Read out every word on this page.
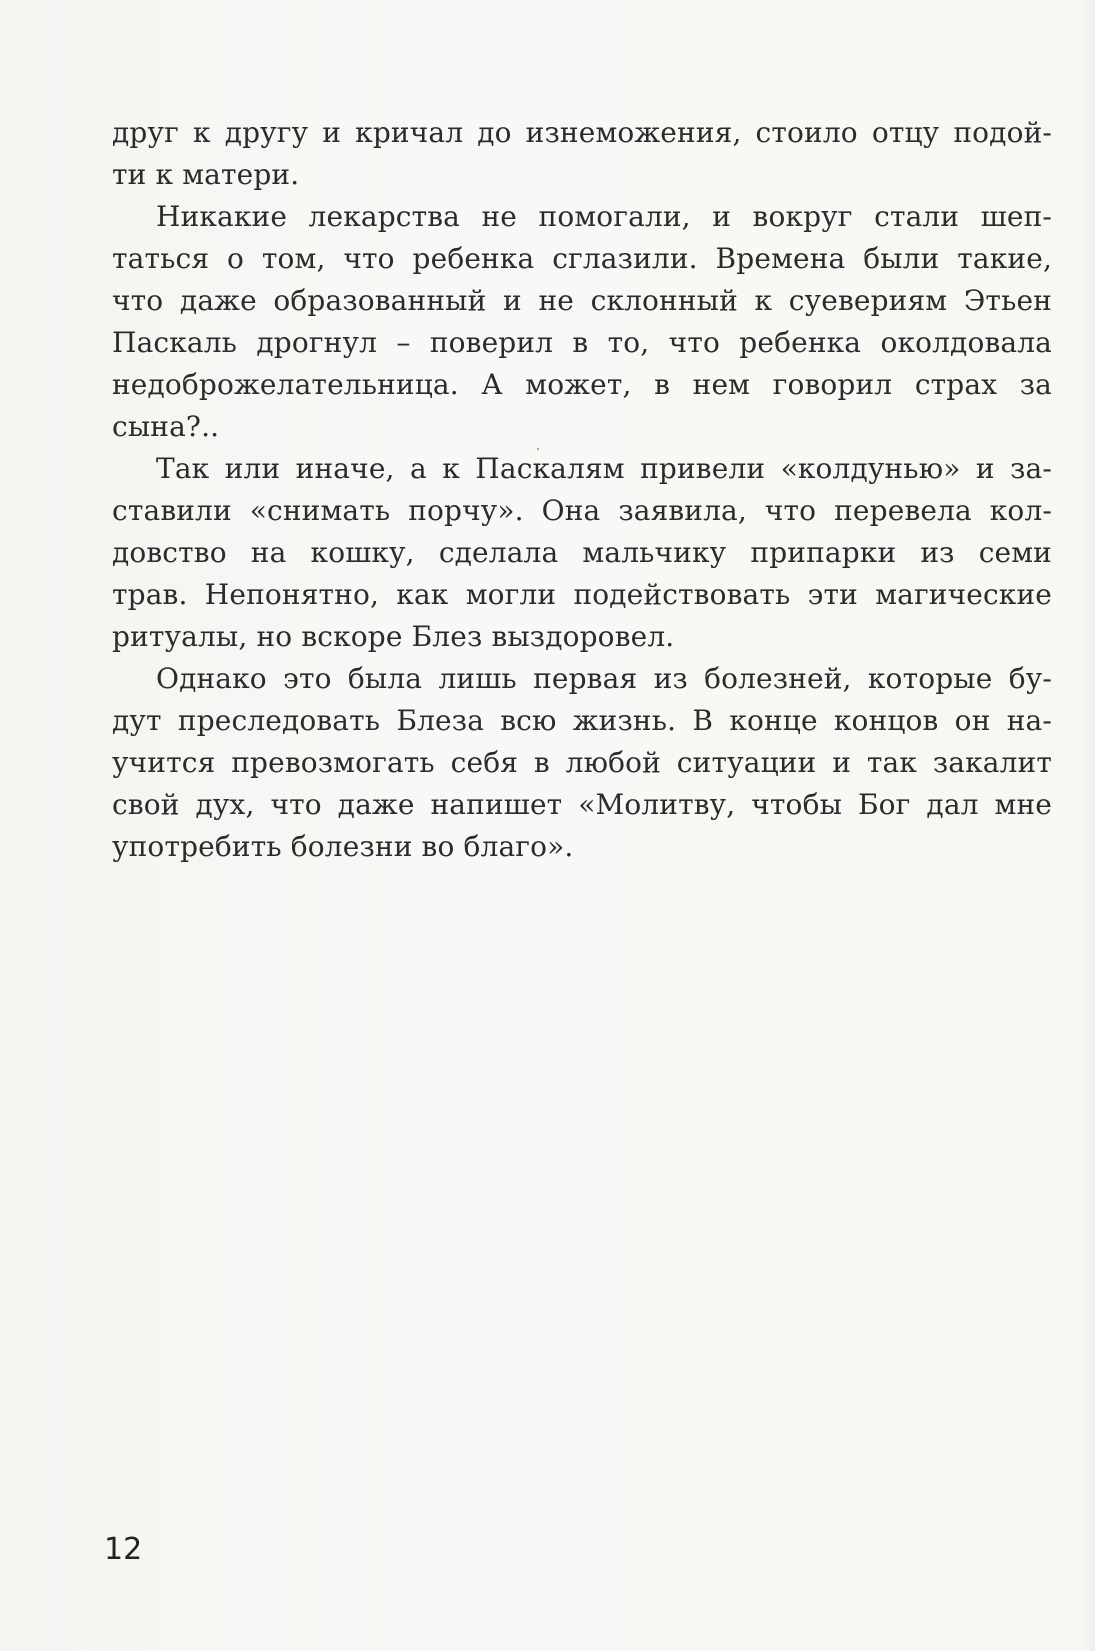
друг к другу и кричал до изнеможения, стоило отцу подой-
ти к матери.
Никакие лекарства не помогали, и вокруг стали шеп-
таться о том, что ребенка сглазили. Времена были такие,
что даже образованный и не склонный к суевериям Этьен
Паскаль дрогнул – поверил в то, что ребенка околдовала
недоброжелательница. А может, в нем говорил страх за
сына?..
Так или иначе, а к Паскалям привели «колдунью» и за-
ставили «снимать порчу». Она заявила, что перевела кол-
довство на кошку, сделала мальчику припарки из семи
трав. Непонятно, как могли подействовать эти магические
ритуалы, но вскоре Блез выздоровел.
Однако это была лишь первая из болезней, которые бу-
дут преследовать Блеза всю жизнь. В конце концов он на-
учится превозмогать себя в любой ситуации и так закалит
свой дух, что даже напишет «Молитву, чтобы Бог дал мне
употребить болезни во благо».
12
